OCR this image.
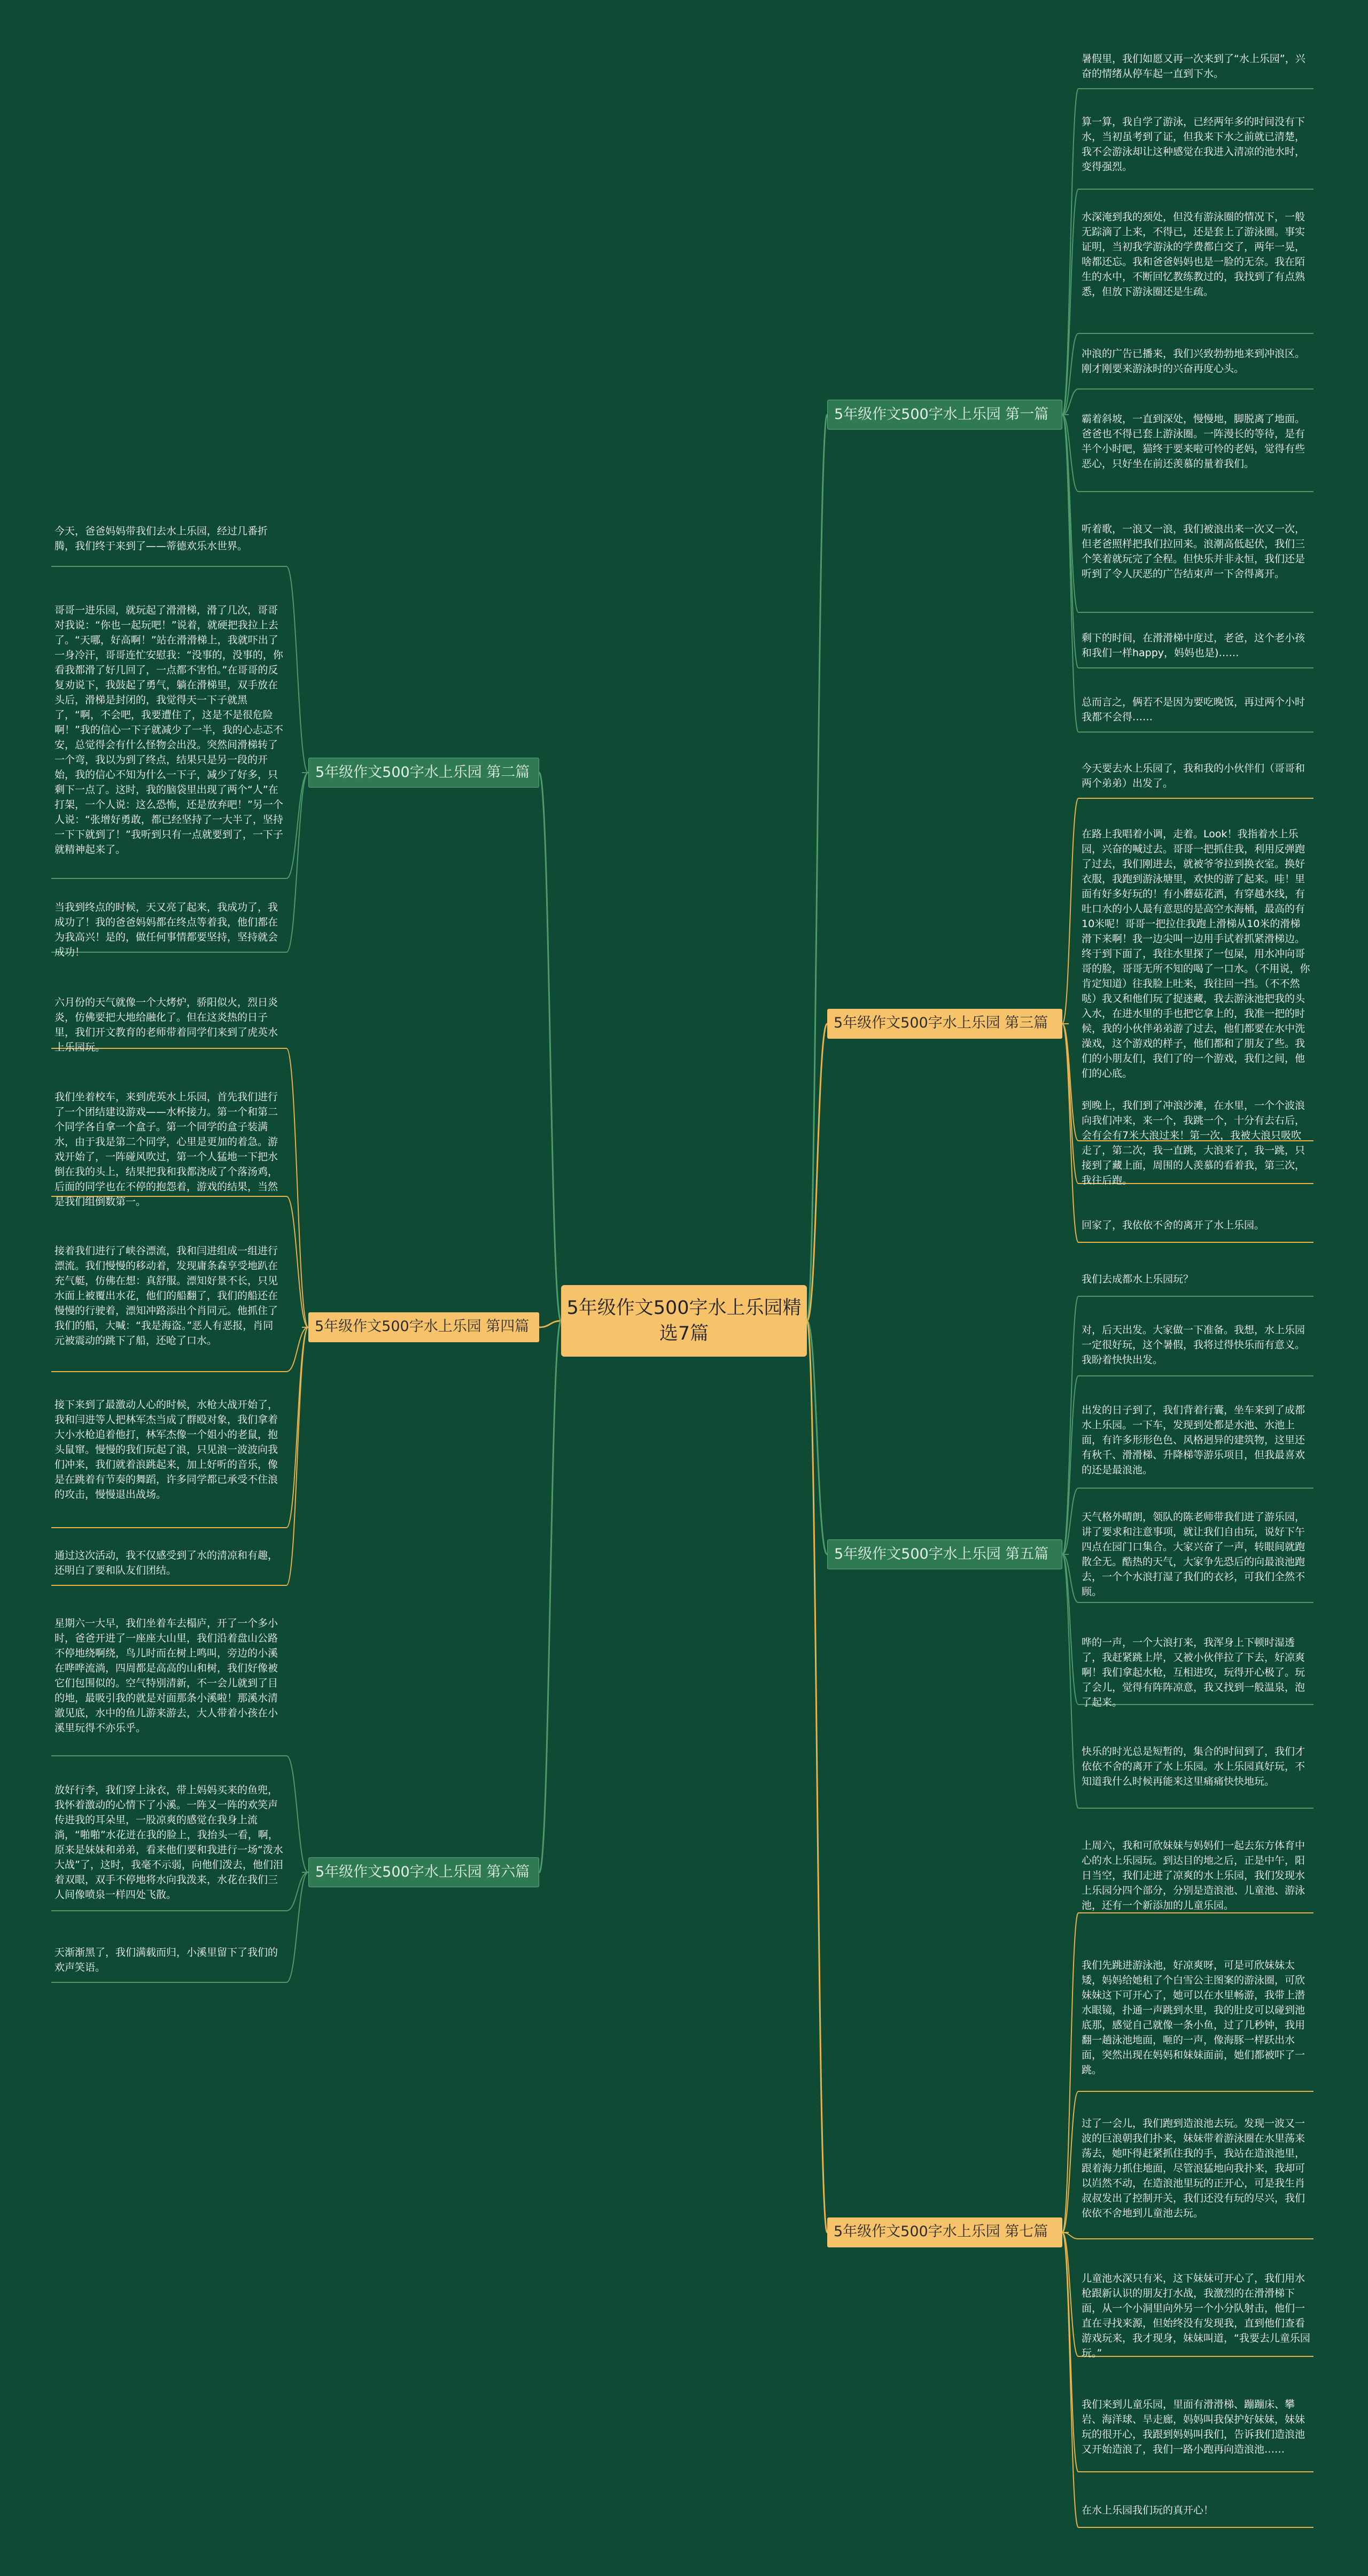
5年级作文500字水上乐园精选7篇
5年级作文500字水上乐园 第一篇
暑假里，我们如愿又再一次来到了“水上乐园”，兴奋的情绪从停车起一直到下水。
算一算，我自学了游泳，已经两年多的时间没有下水，当初虽考到了证，但我来下水之前就已清楚，我不会游泳却让这种感觉在我进入清凉的池水时，变得强烈。
水深淹到我的颈处，但没有游泳圈的情况下，一般无踪滴了上来，不得已，还是套上了游泳圈。事实证明，当初我学游泳的学费都白交了，两年一晃，啥都还忘。我和爸爸妈妈也是一脸的无奈。我在陌生的水中，不断回忆教练教过的，我找到了有点熟悉，但放下游泳圈还是生疏。
冲浪的广告已播来，我们兴致勃勃地来到冲浪区。刚才刚要来游泳时的兴奋再度心头。
霸着斜坡，一直到深处，慢慢地，脚脱离了地面。爸爸也不得已套上游泳圈。一阵漫长的等待，是有半个小时吧，猫终于要来啦可怜的老妈，觉得有些恶心，只好坐在前还羡慕的量着我们。
听着歌，一浪又一浪，我们被浪出来一次又一次，但老爸照样把我们拉回来。浪潮高低起伏，我们三个笑着就玩完了全程。但快乐并非永恒，我们还是听到了令人厌恶的广告结束声一下舍得离开。
剩下的时间，在滑滑梯中度过，老爸，这个老小孩和我们一样happy，妈妈也是)……
总而言之，俩若不是因为要吃晚饭，再过两个小时我都不会得……
5年级作文500字水上乐园 第二篇
今天，爸爸妈妈带我们去水上乐园，经过几番折腾，我们终于来到了——蒂德欢乐水世界。
哥哥一进乐园，就玩起了滑滑梯，滑了几次，哥哥对我说：“你也一起玩吧！”说着，就硬把我拉上去了。“天哪，好高啊！”站在滑滑梯上，我就吓出了一身冷汗，哥哥连忙安慰我：“没事的，没事的，你看我都滑了好几回了，一点都不害怕。”在哥哥的反复劝说下，我鼓起了勇气，躺在滑梯里，双手放在头后，滑梯是封闭的，我觉得天一下子就黑了，“啊，不会吧，我要遭住了，这是不是很危险啊！”我的信心一下子就减少了一半，我的心忐忑不安，总觉得会有什么怪物会出没。突然间滑梯转了一个弯，我以为到了终点，结果只是另一段的开始，我的信心不知为什么一下子，减少了好多，只剩下一点了。这时，我的脑袋里出现了两个“人”在打架，一个人说：这么恐怖，还是放弃吧！”另一个人说：“张增好勇敢，都已经坚持了一大半了，坚持一下下就到了！”我听到只有一点就要到了，一下子就精神起来了。
当我到终点的时候，天又亮了起来，我成功了，我成功了！我的爸爸妈妈都在终点等着我，他们都在为我高兴！是的，做任何事情都要坚持，坚持就会成功！
5年级作文500字水上乐园 第三篇
今天要去水上乐园了，我和我的小伙伴们（哥哥和两个弟弟）出发了。
在路上我唱着小调，走着。Look！我指着水上乐园，兴奋的喊过去。哥哥一把抓住我，利用反弹跑了过去，我们刚进去，就被爷爷拉到换衣室。换好衣服，我跑到游泳塘里，欢快的游了起来。哇！里面有好多好玩的！有小蘑菇花洒，有穿越水线，有吐口水的小人最有意思的是高空水海桶，最高的有10米呢！哥哥一把拉住我跑上滑梯从10米的滑梯滑下来啊！我一边尖叫一边用手试着抓紧滑梯边。终于到下面了，我往水里探了一包屎，用水冲向哥哥的脸，哥哥无所不知的喝了一口水。（不用说，你肯定知道）往我脸上吐来，我往回一挡。（不不然哒）我又和他们玩了捉迷藏，我去游泳池把我的头入水，在进水里的手也把它拿上的，我准一把的时候，我的小伙伴弟弟游了过去，他们都要在水中洗澡戏，这个游戏的样子，他们都和了朋友了些。我们的小朋友们，我们了的一个游戏，我们之间，他们的心底。
到晚上，我们到了冲浪沙滩，在水里，一个个波浪向我们冲来，来一个，我跳一个，十分有去右后，会有会有7米大浪过来！第一次，我被大浪只吸吹走了，第二次，我一直跳，大浪来了，我一跳，只接到了藏上面，周围的人羡慕的看着我，第三次，我往后跑。
回家了，我依依不舍的离开了水上乐园。
5年级作文500字水上乐园 第四篇
六月份的天气就像一个大烤炉，骄阳似火，烈日炎炎，仿佛要把大地给融化了。但在这炎热的日子里，我们开文教育的老师带着同学们来到了虎英水上乐园玩。
我们坐着校车，来到虎英水上乐园，首先我们进行了一个团结建设游戏——水杯接力。第一个和第二个同学各自拿一个盒子。第一个同学的盒子装满水，由于我是第二个同学，心里是更加的着急。游戏开始了，一阵碰风吹过，第一个人猛地一下把水倒在我的头上，结果把我和我都浇成了个落汤鸡，后面的同学也在不停的抱怨着，游戏的结果，当然是我们组倒数第一。
接着我们进行了峡谷漂流，我和闫进组成一组进行漂流。我们慢慢的移动着，发现庸条森享受地趴在充气艇，仿佛在想：真舒服。漂知好景不长，只见水面上被覆出水花，他们的船翻了，我们的船还在慢慢的行驶着，漂知冲路添出个肖同元。他抓住了我们的船，大喊：“我是海盗。”恶人有恶报，肖同元被震动的跳下了船，还呛了口水。
接下来到了最激动人心的时候，水枪大战开始了，我和闫进等人把林军杰当成了群殴对象，我们拿着大小水枪追着他打，林军杰像一个姐小的老鼠，抱头鼠窜。慢慢的我们玩起了浪，只见浪一波波向我们冲来，我们就着浪跳起来，加上好听的音乐，像是在跳着有节奏的舞蹈，许多同学都已承受不住浪的攻击，慢慢退出战场。
通过这次活动，我不仅感受到了水的清凉和有趣，还明白了要和队友们团结。
5年级作文500字水上乐园 第五篇
我们去成都水上乐园玩？
对，后天出发。大家做一下准备。我想，水上乐园一定很好玩，这个暑假，我将过得快乐而有意义。我盼着快快出发。
出发的日子到了，我们背着行囊，坐车来到了成都水上乐园。一下车，发现到处都是水池、水池上面，有许多形形色色、风格迥异的建筑物，这里还有秋千、滑滑梯、升降梯等游乐项目，但我最喜欢的还是最浪池。
天气格外晴朗，领队的陈老师带我们进了游乐园，讲了要求和注意事项，就让我们自由玩，说好下午四点在园门口集合。大家兴奋了一声，转眼间就跑散全无。酷热的天气，大家争先恐后的向最浪池跑去，一个个水浪打湿了我们的衣衫，可我们全然不顾。
哗的一声，一个大浪打来，我浑身上下顿时湿透了，我赶紧跳上岸，又被小伙伴拉了下去，好凉爽啊！我们拿起水枪，互相进攻，玩得开心极了。玩了会儿，觉得有阵阵凉意，我又找到一般温泉，泡了起来。
快乐的时光总是短暂的，集合的时间到了，我们才依依不舍的离开了水上乐园。水上乐园真好玩，不知道我什么时候再能来这里痛痛快快地玩。
5年级作文500字水上乐园 第六篇
星期六一大早，我们坐着车去榻庐，开了一个多小时，爸爸开进了一座座大山里，我们沿着盘山公路不停地绕啊绕，鸟儿时而在树上鸣叫，旁边的小溪在哗哗流淌，四周都是高高的山和树，我们好像被它们包围似的。空气特别清新，不一会儿就到了目的地，最吸引我的就是对面那条小溪啦！那溪水清澈见底，水中的鱼儿游来游去，大人带着小孩在小溪里玩得不亦乐乎。
放好行李，我们穿上泳衣，带上妈妈买来的鱼兜，我怀着激动的心情下了小溪。一阵又一阵的欢笑声传进我的耳朵里，一股凉爽的感觉在我身上流淌，“啪啪”水花迸在我的脸上，我抬头一看，啊，原来是妹妹和弟弟，看来他们要和我进行一场“泼水大战”了，这时，我毫不示弱，向他们泼去，他们泪着双眼，双手不停地将水向我泼来，水花在我们三人间像喷泉一样四处飞散。
天渐渐黑了，我们满载而归，小溪里留下了我们的欢声笑语。
5年级作文500字水上乐园 第七篇
上周六，我和可欣妹妹与妈妈们一起去东方体育中心的水上乐园玩。到达目的地之后，正是中午，阳日当空，我们走进了凉爽的水上乐园，我们发现水上乐园分四个部分，分别是造浪池、儿童池、游泳池，还有一个新添加的儿童乐园。
我们先跳进游泳池，好凉爽呀，可是可欣妹妹太矮，妈妈给她租了个白雪公主图案的游泳圈，可欣妹妹这下可开心了，她可以在水里畅游，我带上潜水眼镜，扑通一声跳到水里，我的肚皮可以碰到池底那，感觉自己就像一条小鱼，过了几秒钟，我用翻一趟泳池地面，咂的一声，像海豚一样跃出水面，突然出现在妈妈和妹妹面前，她们都被吓了一跳。
过了一会儿，我们跑到造浪池去玩。发现一波又一波的巨浪朝我们扑来，妹妹带着游泳圈在水里荡来荡去，她吓得赶紧抓住我的手，我站在造浪池里，跟着海力抓住地面，尽管浪猛地向我扑来，我却可以岿然不动，在造浪池里玩的正开心，可是我生肖叔叔发出了控制开关，我们还没有玩的尽兴，我们依依不舍地到儿童池去玩。
儿童池水深只有米，这下妹妹可开心了，我们用水枪跟新认识的朋友打水战，我激烈的在滑滑梯下面，从一个小洞里向外另一个小分队射击，他们一直在寻找来源，但始终没有发现我，直到他们查看游戏玩来，我才现身，妹妹叫道，“我要去儿童乐园玩。”
我们来到儿童乐园，里面有滑滑梯、蹦蹦床、攀岩、海洋球、旱走廊，妈妈叫我保护好妹妹，妹妹玩的很开心，我跟到妈妈叫我们，告诉我们造浪池又开始造浪了，我们一路小跑再向造浪池……
在水上乐园我们玩的真开心！
